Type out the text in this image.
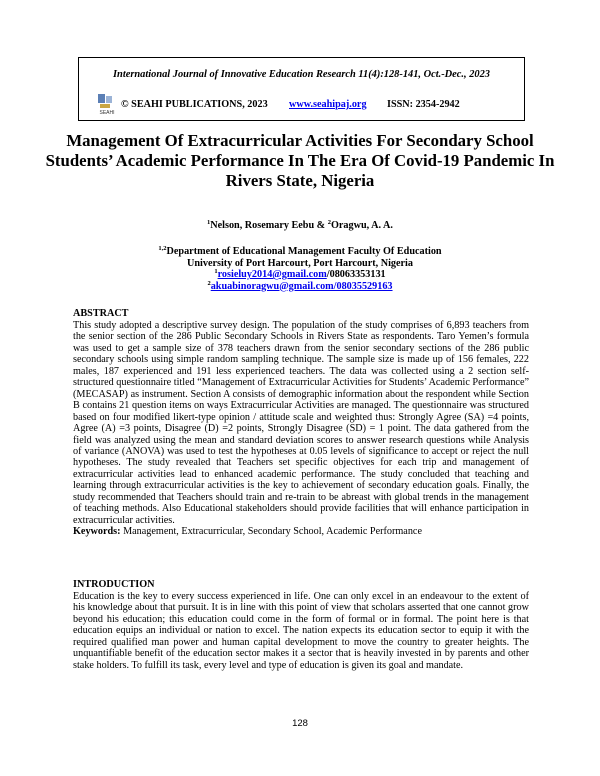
International Journal of Innovative Education Research 11(4):128-141, Oct.-Dec., 2023
SEAHI
© SEAHI PUBLICATIONS, 2023 www.seahipaj.org ISSN: 2354-2942
Management Of Extracurricular Activities For Secondary School Students’ Academic Performance In The Era Of Covid-19 Pandemic In Rivers State, Nigeria
$^1$Nelson, Rosemary Eebu & $^2$Oragwu, A. A.
$^{1,2}$Department of Educational Management Faculty Of Education
University of Port Harcourt, Port Harcourt, Nigeria
$^1$rosieluy2014@gmail.com/08063353131
$^2$akuabinoragwu@gmail.com/08035529163
ABSTRACT
This study adopted a descriptive survey design. The population of the study comprises of 6,893 teachers from the senior section of the 286 Public Secondary Schools in Rivers State as respondents. Taro Yemen’s formula was used to get a sample size of 378 teachers drawn from the senior secondary sections of the 286 public secondary schools using simple random sampling technique. The sample size is made up of 156 females, 222 males, 187 experienced and 191 less experienced teachers. The data was collected using a 2 section self-structured questionnaire titled “Management of Extracurricular Activities for Students’ Academic Performance” (MECASAP) as instrument. Section A consists of demographic information about the respondent while Section B contains 21 question items on ways Extracurricular Activities are managed. The questionnaire was structured based on four modified likert-type opinion / attitude scale and weighted thus: Strongly Agree (SA) =4 points, Agree (A) =3 points, Disagree (D) =2 points, Strongly Disagree (SD) = 1 point. The data gathered from the field was analyzed using the mean and standard deviation scores to answer research questions while Analysis of variance (ANOVA) was used to test the hypotheses at 0.05 levels of significance to accept or reject the null hypotheses. The study revealed that Teachers set specific objectives for each trip and management of extracurricular activities lead to enhanced academic performance. The study concluded that teaching and learning through extracurricular activities is the key to achievement of secondary education goals. Finally, the study recommended that Teachers should train and re-train to be abreast with global trends in the management of teaching methods. Also Educational stakeholders should provide facilities that will enhance participation in extracurricular activities.
Keywords: Management, Extracurricular, Secondary School, Academic Performance
INTRODUCTION
Education is the key to every success experienced in life. One can only excel in an endeavour to the extent of his knowledge about that pursuit. It is in line with this point of view that scholars asserted that one cannot grow beyond his education; this education could come in the form of formal or in formal. The point here is that education equips an individual or nation to excel. The nation expects its education sector to equip it with the required qualified man power and human capital development to move the country to greater heights. The unquantifiable benefit of the education sector makes it a sector that is heavily invested in by parents and other stake holders. To fulfill its task, every level and type of education is given its goal and mandate.
128
